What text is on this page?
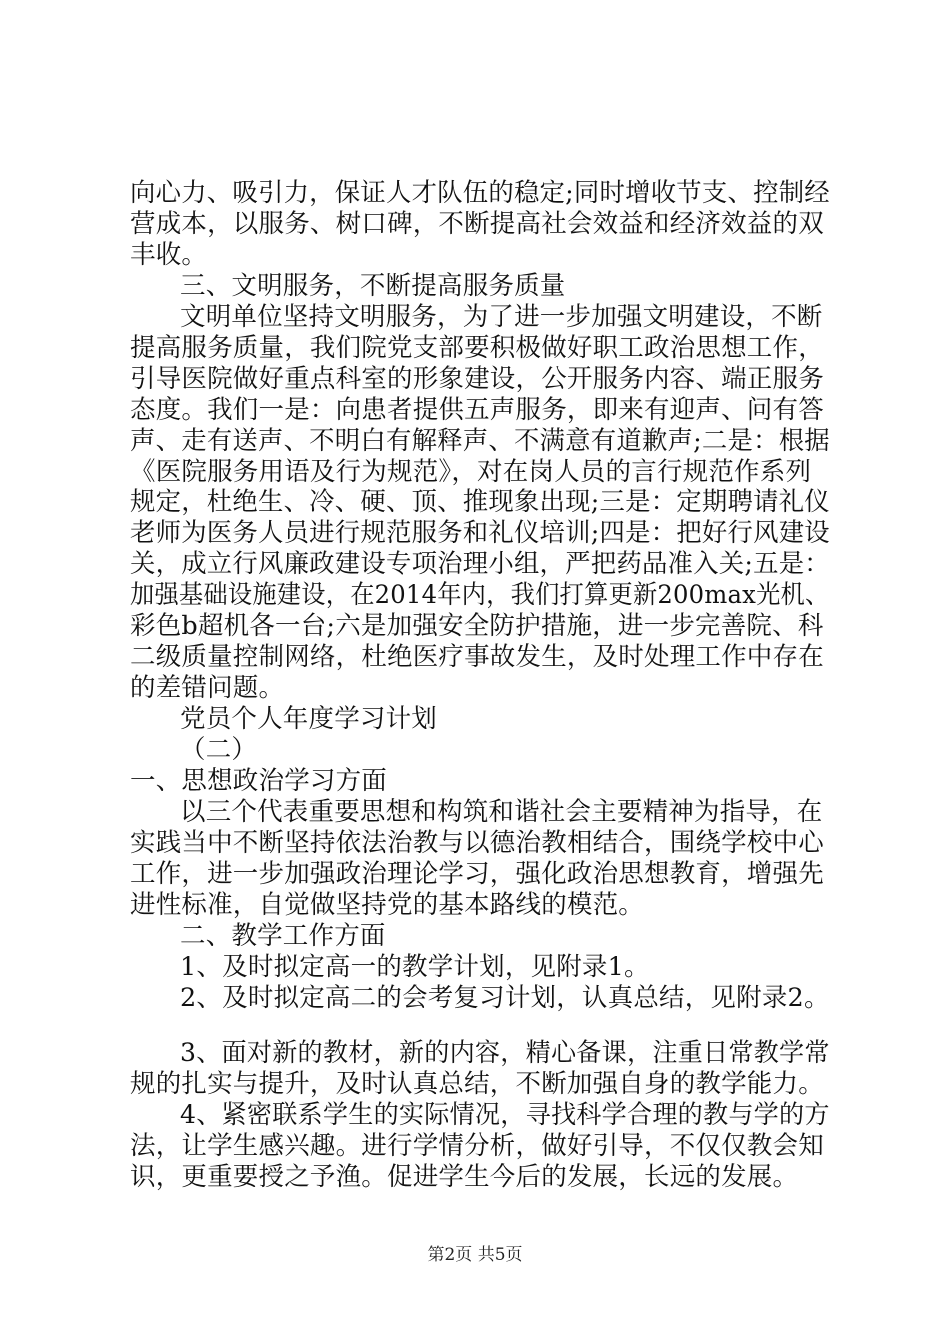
向心力、吸引力，保证人才队伍的稳定;同时增收节支、控制经
营成本，以服务、树口碑，不断提高社会效益和经济效益的双
丰收。
三、文明服务，不断提高服务质量
文明单位坚持文明服务，为了进一步加强文明建设，不断
提高服务质量，我们院党支部要积极做好职工政治思想工作，
引导医院做好重点科室的形象建设，公开服务内容、端正服务
态度。我们一是：向患者提供五声服务，即来有迎声、问有答
声、走有送声、不明白有解释声、不满意有道歉声;二是：根据
《医院服务用语及行为规范》，对在岗人员的言行规范作系列
规定，杜绝生、冷、硬、顶、推现象出现;三是：定期聘请礼仪
老师为医务人员进行规范服务和礼仪培训;四是：把好行风建设
关，成立行风廉政建设专项治理小组，严把药品准入关;五是：
加强基础设施建设，在2014年内，我们打算更新200max光机、
彩色b超机各一台;六是加强安全防护措施，进一步完善院、科
二级质量控制网络，杜绝医疗事故发生，及时处理工作中存在
的差错问题。
党员个人年度学习计划
（二）
一、思想政治学习方面
以三个代表重要思想和构筑和谐社会主要精神为指导，在
实践当中不断坚持依法治教与以德治教相结合，围绕学校中心
工作，进一步加强政治理论学习，强化政治思想教育，增强先
进性标准，自觉做坚持党的基本路线的模范。
二、教学工作方面
1、及时拟定高一的教学计划，见附录1。
2、及时拟定高二的会考复习计划，认真总结，见附录2。
3、面对新的教材，新的内容，精心备课，注重日常教学常
规的扎实与提升，及时认真总结，不断加强自身的教学能力。
4、紧密联系学生的实际情况，寻找科学合理的教与学的方
法，让学生感兴趣。进行学情分析，做好引导，不仅仅教会知
识，更重要授之予渔。促进学生今后的发展，长远的发展。
第2页 共5页
